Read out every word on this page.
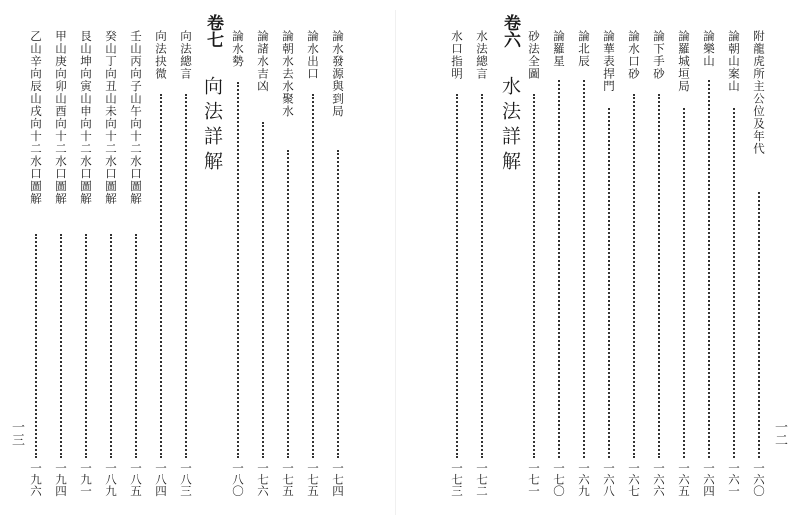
一三
論水發源與到局
一七四
論水出口
一七五
論朝水去水聚水
一七五
論諸水吉凶
一七六
論水勢
一八〇
卷七
向法詳解
向法總言
一八三
向法抉微
一八四
壬山丙向子山午向十二水口圖解
一八五
癸山丁向丑山未向十二水口圖解
一八九
艮山坤向寅山申向十二水口圖解
一九一
甲山庚向卯山酉向十二水口圖解
一九四
乙山辛向辰山戌向十二水口圖解
一九六
一二
附龍虎所主公位及年代
一六〇
論朝山案山
一六一
論樂山
一六四
論羅城垣局
一六五
論下手砂
一六六
論水口砂
一六七
論華表捍門
一六八
論北辰
一六九
論羅星
一七〇
砂法全圖
一七一
卷六
水法詳解
水法總言
一七二
水口指明
一七三
